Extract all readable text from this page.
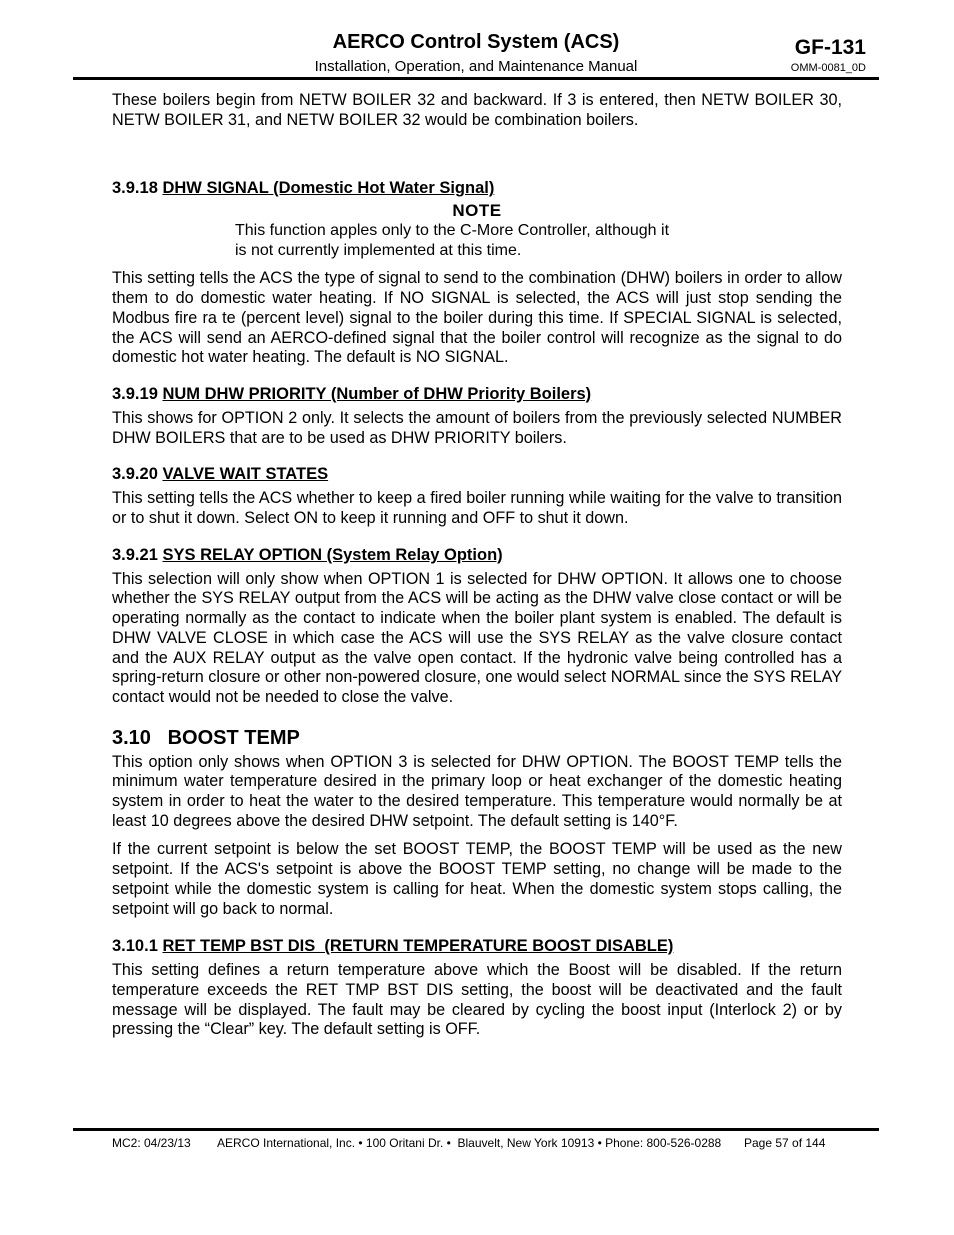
AERCO Control System (ACS)
Installation, Operation, and Maintenance Manual
GF-131
OMM-0081_0D

These boilers begin from NETW BOILER 32 and backward. If 3 is entered, then NETW BOILER 30, NETW BOILER 31, and NETW BOILER 32 would be combination boilers.

3.9.18 DHW SIGNAL (Domestic Hot Water Signal)
NOTE
This function apples only to the C-More Controller, although it
is not currently implemented at this time.

This setting tells the ACS the type of signal to send to the combination (DHW) boilers in order to allow them to do domestic water heating. If NO SIGNAL is selected, the ACS will just stop sending the Modbus fire ra te (percent level) signal to the boiler during this time. If SPECIAL SIGNAL is selected, the ACS will send an AERCO-defined signal that the boiler control will recognize as the signal to do domestic hot water heating. The default is NO SIGNAL.

3.9.19 NUM DHW PRIORITY (Number of DHW Priority Boilers)

This shows for OPTION 2 only. It selects the amount of boilers from the previously selected NUMBER DHW BOILERS that are to be used as DHW PRIORITY boilers.

3.9.20 VALVE WAIT STATES

This setting tells the ACS whether to keep a fired boiler running while waiting for the valve to transition or to shut it down. Select ON to keep it running and OFF to shut it down.

3.9.21 SYS RELAY OPTION (System Relay Option)

This selection will only show when OPTION 1 is selected for DHW OPTION. It allows one to choose whether the SYS RELAY output from the ACS will be acting as the DHW valve close contact or will be operating normally as the contact to indicate when the boiler plant system is enabled. The default is DHW VALVE CLOSE in which case the ACS will use the SYS RELAY as the valve closure contact and the AUX RELAY output as the valve open contact. If the hydronic valve being controlled has a spring-return closure or other non-powered closure, one would select NORMAL since the SYS RELAY contact would not be needed to close the valve.

3.10 BOOST TEMP

This option only shows when OPTION 3 is selected for DHW OPTION. The BOOST TEMP tells the minimum water temperature desired in the primary loop or heat exchanger of the domestic heating system in order to heat the water to the desired temperature. This temperature would normally be at least 10 degrees above the desired DHW setpoint. The default setting is 140°F.

If the current setpoint is below the set BOOST TEMP, the BOOST TEMP will be used as the new setpoint. If the ACS's setpoint is above the BOOST TEMP setting, no change will be made to the setpoint while the domestic system is calling for heat. When the domestic system stops calling, the setpoint will go back to normal.

3.10.1 RET TEMP BST DIS  (RETURN TEMPERATURE BOOST DISABLE)

This setting defines a return temperature above which the Boost will be disabled. If the return temperature exceeds the RET TMP BST DIS setting, the boost will be deactivated and the fault message will be displayed. The fault may be cleared by cycling the boost input (Interlock 2) or by pressing the “Clear” key. The default setting is OFF.

MC2: 04/23/13 AERCO International, Inc. • 100 Oritani Dr. •  Blauvelt, New York 10913 • Phone: 800-526-0288 Page 57 of 144
